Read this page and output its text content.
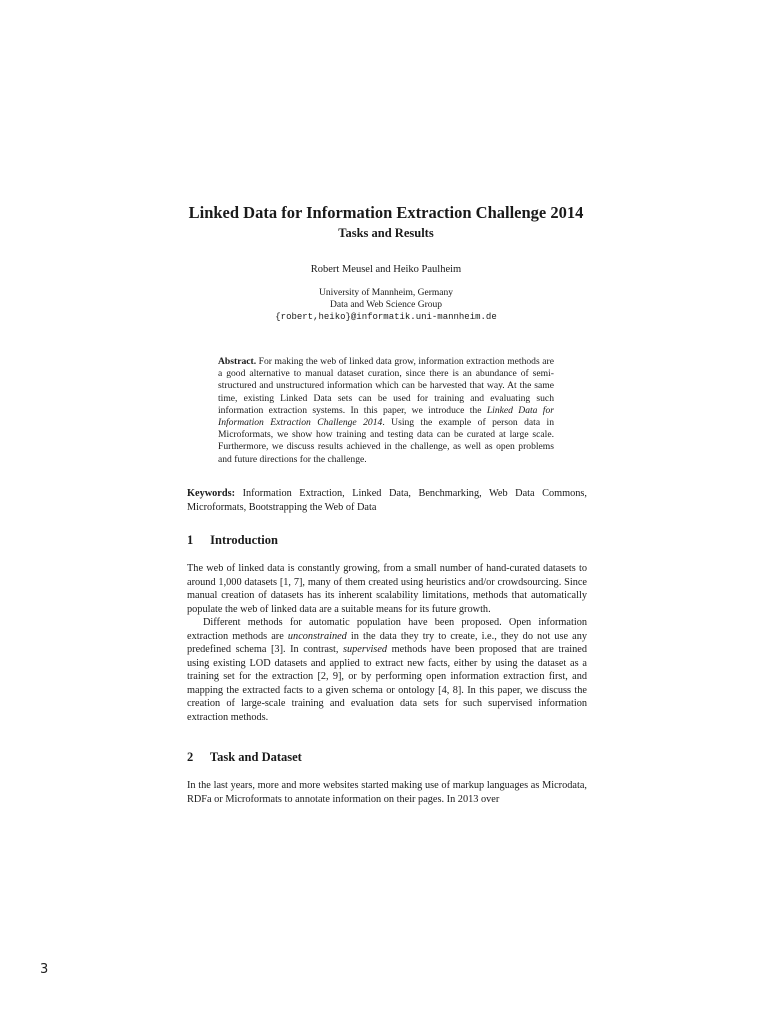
Linked Data for Information Extraction Challenge 2014
Tasks and Results
Robert Meusel and Heiko Paulheim
University of Mannheim, Germany
Data and Web Science Group
{robert,heiko}@informatik.uni-mannheim.de
Abstract. For making the web of linked data grow, information extraction methods are a good alternative to manual dataset curation, since there is an abundance of semi-structured and unstructured information which can be harvested that way. At the same time, existing Linked Data sets can be used for training and evaluating such information extraction systems. In this paper, we introduce the Linked Data for Information Extraction Challenge 2014. Using the example of person data in Microformats, we show how training and testing data can be curated at large scale. Furthermore, we discuss results achieved in the challenge, as well as open problems and future directions for the challenge.
Keywords: Information Extraction, Linked Data, Benchmarking, Web Data Commons, Microformats, Bootstrapping the Web of Data
1 Introduction

The web of linked data is constantly growing, from a small number of hand-curated datasets to around 1,000 datasets [1, 7], many of them created using heuristics and/or crowdsourcing. Since manual creation of datasets has its inherent scalability limitations, methods that automatically populate the web of linked data are a suitable means for its future growth.

Different methods for automatic population have been proposed. Open information extraction methods are unconstrained in the data they try to create, i.e., they do not use any predefined schema [3]. In contrast, supervised methods have been proposed that are trained using existing LOD datasets and applied to extract new facts, either by using the dataset as a training set for the extraction [2, 9], or by performing open information extraction first, and mapping the extracted facts to a given schema or ontology [4, 8]. In this paper, we discuss the creation of large-scale training and evaluation data sets for such supervised information extraction methods.

2 Task and Dataset

In the last years, more and more websites started making use of markup languages as Microdata, RDFa or Microformats to annotate information on their pages. In 2013 over

3
